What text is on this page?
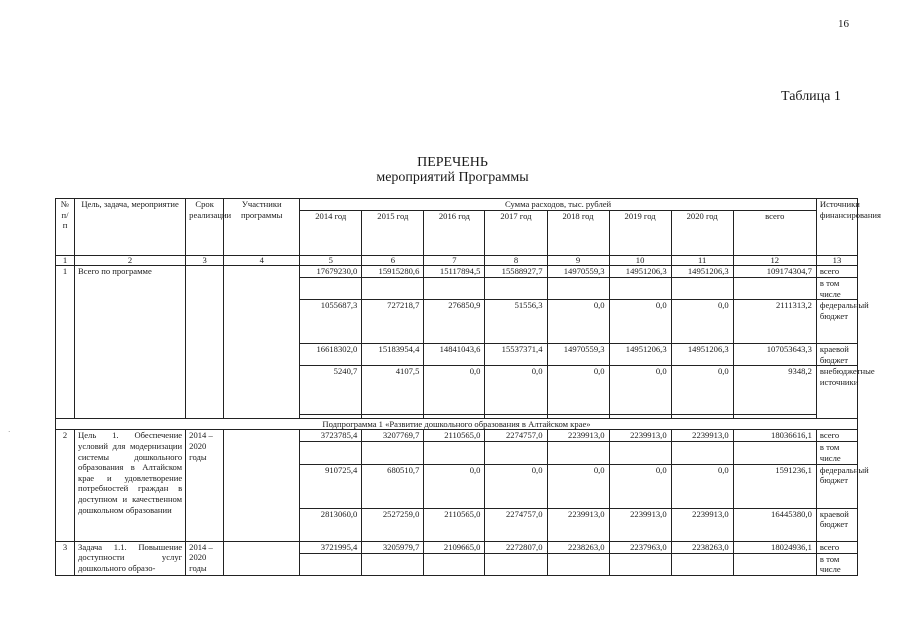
16
Таблица 1
ПЕРЕЧЕНЬ
мероприятий Программы
·
№ п/ п	Цель, задача, мероприятие	Срок реализации	Участники программы	Сумма расходов, тыс. рублей								Источники финансирования
				2014 год	2015 год	2016 год	2017 год	2018 год	2019 год	2020 год	всего	
1	2	3	4	5	6	7	8	9	10	11	12	13
1	Всего по программе			17679230,0	15915280,6	15117894,5	15588927,7	14970559,3	14951206,3	14951206,3	109174304,7	всего
												в том числе
				1055687,3	727218,7	276850,9	51556,3	0,0	0,0	0,0	2111313,2	федеральный бюджет
				16618302,0	15183954,4	14841043,6	15537371,4	14970559,3	14951206,3	14951206,3	107053643,3	краевой бюджет
				5240,7	4107,5	0,0	0,0	0,0	0,0	0,0	9348,2	внебюджетные источники

Подпрограмма 1 «Развитие дошкольного образования в Алтайском крае»												
2	Цель 1. Обеспечение условий для модернизации системы дошкольного образования в Алтайском крае и удовлетворение потребностей граждан в доступном и качественном дошкольном образовании	2014 – 2020 годы		3723785,4	3207769,7	2110565,0	2274757,0	2239913,0	2239913,0	2239913,0	18036616,1	всего
												в том числе
				910725,4	680510,7	0,0	0,0	0,0	0,0	0,0	1591236,1	федеральный бюджет
				2813060,0	2527259,0	2110565,0	2274757,0	2239913,0	2239913,0	2239913,0	16445380,0	краевой бюджет
3	Задача 1.1. Повышение доступности услуг дошкольного образо-	2014 – 2020 годы		3721995,4	3205979,7	2109665,0	2272807,0	2238263,0	2237963,0	2238263,0	18024936,1	всего
												в том числе
